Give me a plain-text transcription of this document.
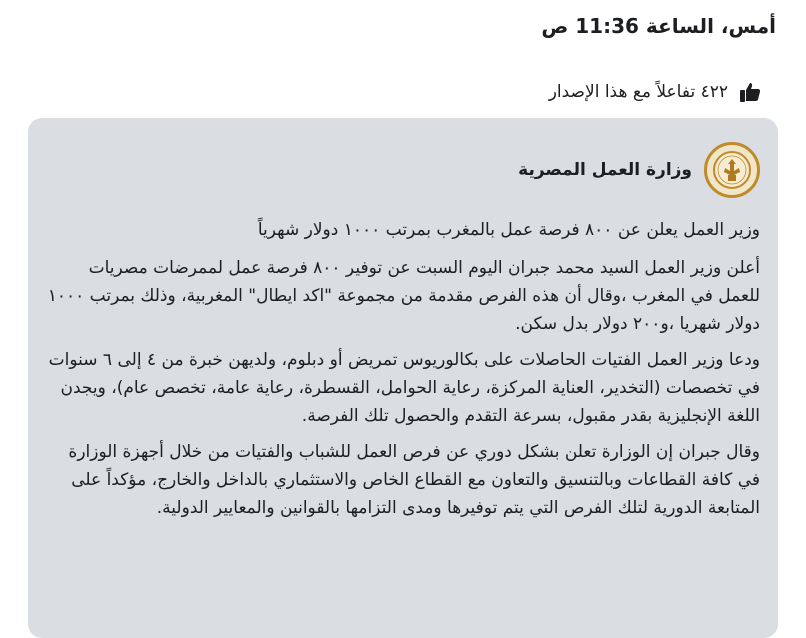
أمس، الساعة 11:36 ص
٤٢٢ تفاعلاً مع هذا الإصدار
وزارة العمل المصرية

وزير العمل يعلن عن ٨٠٠ فرصة عمل بالمغرب بمرتب ١٠٠٠ دولار شهرياً

أعلن وزير العمل السيد محمد جبران اليوم السبت عن توفير ٨٠٠ فرصة عمل لممرضات مصريات للعمل في المغرب ،وقال أن هذه الفرص مقدمة من مجموعة "اكد ايطال" المغربية، وذلك بمرتب ١٠٠٠ دولار شهريا ،و٢٠٠ دولار بدل سكن.

ودعا وزير العمل الفتيات الحاصلات على بكالوريوس تمريض أو دبلوم، ولديهن خبرة من ٤ إلى ٦ سنوات في تخصصات (التخدير، العناية المركزة، رعاية الحوامل، القسطرة، رعاية عامة، تخصص عام)، ويجدن اللغة الإنجليزية بقدر مقبول، بسرعة التقدم والحصول تلك الفرصة.

وقال جبران إن الوزارة تعلن بشكل دوري عن فرص العمل للشباب والفتيات من خلال أجهزة الوزارة في كافة القطاعات وبالتنسيق والتعاون مع القطاع الخاص والاستثماري بالداخل والخارج، مؤكداً على المتابعة الدورية لتلك الفرص التي يتم توفيرها ومدى التزامها بالقوانين والمعايير الدولية.
